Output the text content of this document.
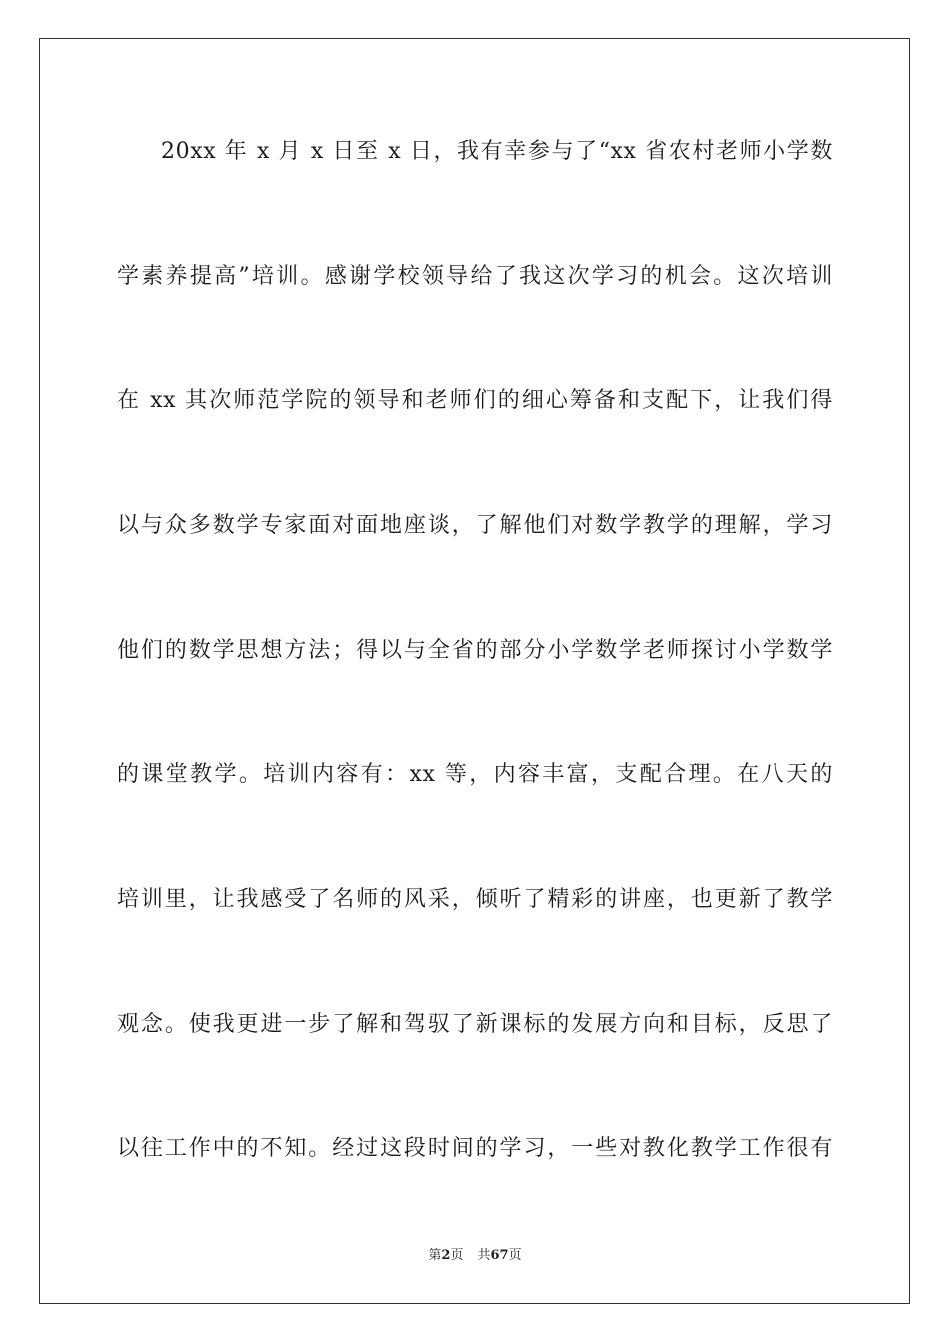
20xx 年 x 月 x 日至 x 日，我有幸参与了“xx 省农村老师小学数
学素养提高”培训。感谢学校领导给了我这次学习的机会。这次培训
在 xx 其次师范学院的领导和老师们的细心筹备和支配下，让我们得
以与众多数学专家面对面地座谈，了解他们对数学教学的理解，学习
他们的数学思想方法；得以与全省的部分小学数学老师探讨小学数学
的课堂教学。培训内容有：xx 等，内容丰富，支配合理。在八天的
培训里，让我感受了名师的风采，倾听了精彩的讲座，也更新了教学
观念。使我更进一步了解和驾驭了新课标的发展方向和目标，反思了
以往工作中的不知。经过这段时间的学习，一些对教化教学工作很有
第2页 共67页
